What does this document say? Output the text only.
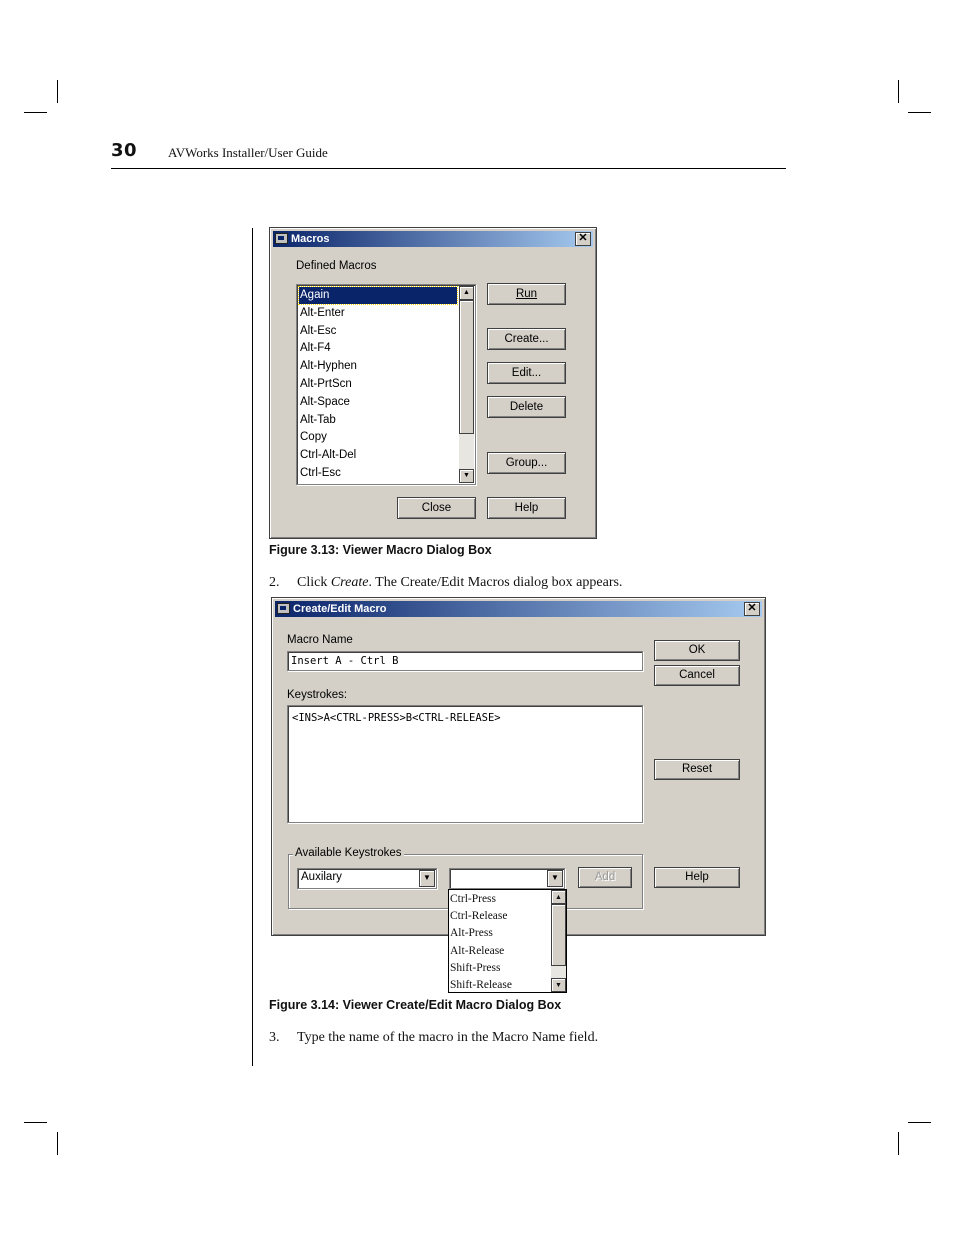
30 AVWorks Installer/User Guide
Macros	✕
Defined Macros
Again
Alt-Enter
Alt-Esc
Alt-F4
Alt-Hyphen
Alt-PrtScn
Alt-Space
Alt-Tab
Copy
Ctrl-Alt-Del
Ctrl-Esc
▲
▼
Run
Create...
Edit...
Delete
Group...
Close	Help
Figure 3.13: Viewer Macro Dialog Box
2. Click Create. The Create/Edit Macros dialog box appears.
Create/Edit Macro	✕
Macro Name
Insert A - Ctrl B
Keystrokes:
<INS>A<CTRL-PRESS>B<CTRL-RELEASE>
OK
Cancel
Reset
Help
Available Keystrokes
Auxilary	▼	▼	Add
Ctrl-Press
Ctrl-Release
Alt-Press
Alt-Release
Shift-Press
Shift-Release
▲
▼
Figure 3.14: Viewer Create/Edit Macro Dialog Box
3. Type the name of the macro in the Macro Name field.
